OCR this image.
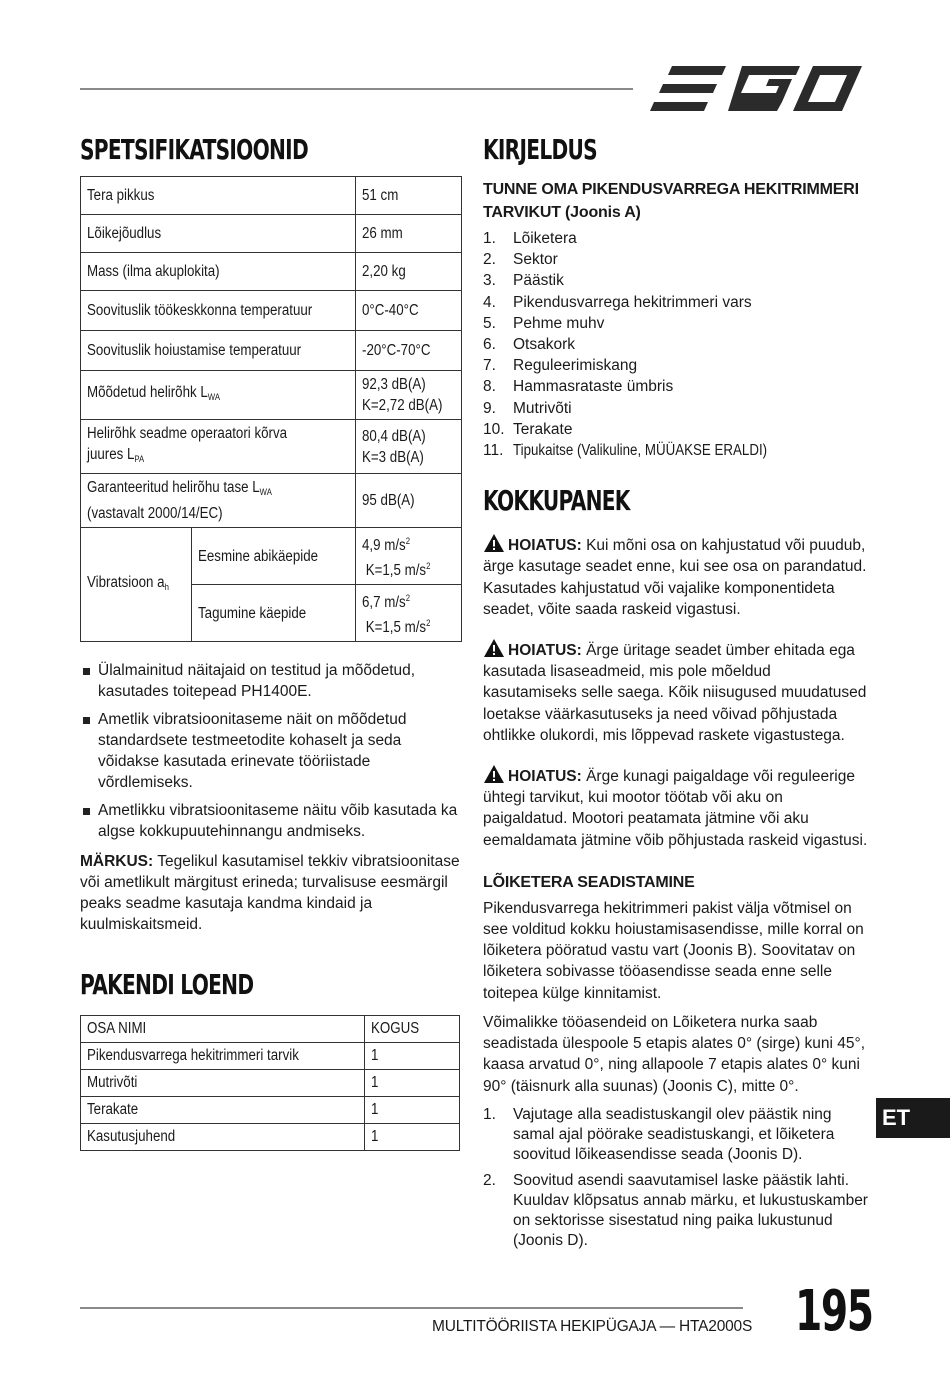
SPETSIFIKATSIOONID
Tera pikkus		51 cm
Lõikejõudlus		26 mm
Mass (ilma akuplokita)		2,20 kg
Soovituslik töökeskkonna temperatuur		0°C-40°C
Soovituslik hoiustamise temperatuur		-20°C-70°C
Mõõdetud helirõhk $L_{WA}$		92,3 dB(A)
K=2,72 dB(A)
Helirõhk seadme operaatori kõrva
juures $L_{PA}$		80,4 dB(A)
K=3 dB(A)
Garanteeritud helirõhu tase $L_{WA}$
(vastavalt 2000/14/EC)		95 dB(A)
Vibratsioon $a_h$	Eesmine abikäepide	4,9 $m/s^2$
K=1,5 $m/s^2$
	Tagumine käepide	6,7 $m/s^2$
K=1,5 $m/s^2$
Ülalmainitud näitajaid on testitud ja mõõdetud, kasutades toitepead PH1400E.
Ametlik vibratsioonitaseme näit on mõõdetud standardsete testmeetodite kohaselt ja seda võidakse kasutada erinevate tööriistade võrdlemiseks.
Ametlikku vibratsioonitaseme näitu võib kasutada ka algse kokkupuutehinnangu andmiseks.
MÄRKUS: Tegelikul kasutamisel tekkiv vibratsioonitase või ametlikult märgitust erineda; turvalisuse eesmärgil peaks seadme kasutaja kandma kindaid ja kuulmiskaitsmeid.
PAKENDI LOEND
OSA NIMI	KOGUS
Pikendusvarrega hekitrimmeri tarvik	1
Mutrivõti	1
Terakate	1
Kasutusjuhend	1
KIRJELDUS

TUNNE OMA PIKENDUSVARREGA HEKITRIMMERI TARVIKUT (Joonis A)

1.	Lõiketera
2.	Sektor
3.	Päästik
4.	Pikendusvarrega hekitrimmeri vars
5.	Pehme muhv
6.	Otsakork
7.	Reguleerimiskang
8.	Hammasrataste ümbris
9.	Mutrivõti
10. Terakate
11. Tipukaitse (Valikuline, MÜÜAKSE ERALDI)
KOKKUPANEK
HOIATUS: Kui mõni osa on kahjustatud või puudub, ärge kasutage seadet enne, kui see osa on parandatud. Kasutades kahjustatud või vajalike komponentideta seadet, võite saada raskeid vigastusi.
HOIATUS: Ärge üritage seadet ümber ehitada ega kasutada lisaseadmeid, mis pole mõeldud kasutamiseks selle saega. Kõik niisugused muudatused loetakse väärkasutuseks ja need võivad põhjustada ohtlikke olukordi, mis lõppevad raskete vigastustega.
HOIATUS: Ärge kunagi paigaldage või reguleerige ühtegi tarvikut, kui mootor töötab või aku on paigaldatud. Mootori peatamata jätmine või aku eemaldamata jätmine võib põhjustada raskeid vigastusi.

LÕIKETERA SEADISTAMINE

Pikendusvarrega hekitrimmeri pakist välja võtmisel on see volditud kokku hoiustamisasendisse, mille korral on lõiketera pööratud vastu vart (Joonis B). Soovitatav on lõiketera sobivasse tööasendisse seada enne selle toitepea külge kinnitamist.
Võimalikke tööasendeid on Lõiketera nurka saab seadistada ülespoole 5 etapis alates 0° (sirge) kuni 45°, kaasa arvatud 0°, ning allapoole 7 etapis alates 0° kuni 90° (täisnurk alla suunas) (Joonis C), mitte 0°.
1.	Vajutage alla seadistuskangil olev päästik ning samal ajal pöörake seadistuskangi, et lõiketera soovitud lõikeasendisse seada (Joonis D).
2.	Soovitud asendi saavutamisel laske päästik lahti. Kuuldav klõpsatus annab märku, et lukustuskamber on sektorisse sisestatud ning paika lukustunud (Joonis D).
ET
MULTITÖÖRIISTA HEKIPÜGAJA — HTA2000S 195
